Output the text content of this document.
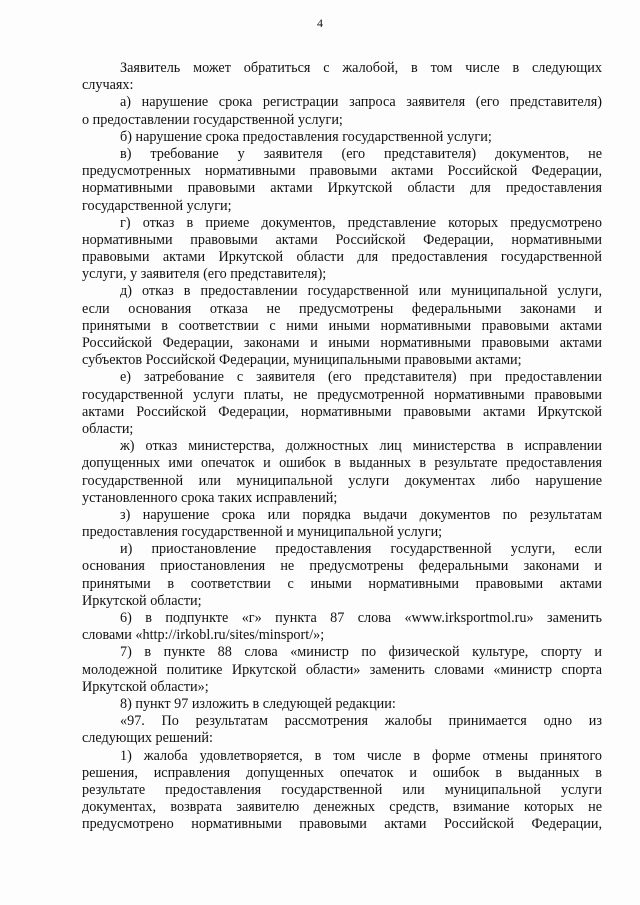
4
Заявитель может обратиться с жалобой, в том числе в следующих
случаях:
а) нарушение срока регистрации запроса заявителя (его представителя)
о предоставлении государственной услуги;
б) нарушение срока предоставления государственной услуги;
в) требование у заявителя (его представителя) документов, не
предусмотренных нормативными правовыми актами Российской Федерации,
нормативными правовыми актами Иркутской области для предоставления
государственной услуги;
г) отказ в приеме документов, представление которых предусмотрено
нормативными правовыми актами Российской Федерации, нормативными
правовыми актами Иркутской области для предоставления государственной
услуги, у заявителя (его представителя);
д) отказ в предоставлении государственной или муниципальной услуги,
если основания отказа не предусмотрены федеральными законами и
принятыми в соответствии с ними иными нормативными правовыми актами
Российской Федерации, законами и иными нормативными правовыми актами
субъектов Российской Федерации, муниципальными правовыми актами;
е) затребование с заявителя (его представителя) при предоставлении
государственной услуги платы, не предусмотренной нормативными правовыми
актами Российской Федерации, нормативными правовыми актами Иркутской
области;
ж) отказ министерства, должностных лиц министерства в исправлении
допущенных ими опечаток и ошибок в выданных в результате предоставления
государственной или муниципальной услуги документах либо нарушение
установленного срока таких исправлений;
з) нарушение срока или порядка выдачи документов по результатам
предоставления государственной и муниципальной услуги;
и) приостановление предоставления государственной услуги, если
основания приостановления не предусмотрены федеральными законами и
принятыми в соответствии с иными нормативными правовыми актами
Иркутской области;
6) в подпункте «г» пункта 87 слова «www.irksportmol.ru» заменить
словами «http://irkobl.ru/sites/minsport/»;
7) в пункте 88 слова «министр по физической культуре, спорту и
молодежной политике Иркутской области» заменить словами «министр спорта
Иркутской области»;
8) пункт 97 изложить в следующей редакции:
«97. По результатам рассмотрения жалобы принимается одно из
следующих решений:
1) жалоба удовлетворяется, в том числе в форме отмены принятого
решения, исправления допущенных опечаток и ошибок в выданных в
результате предоставления государственной или муниципальной услуги
документах, возврата заявителю денежных средств, взимание которых не
предусмотрено нормативными правовыми актами Российской Федерации,
